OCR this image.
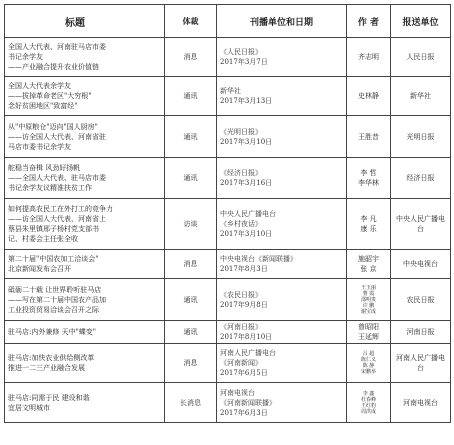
标题	体裁	刊播单位和日期	作 者	报送单位

全国人大代表、河南驻马店市委
书记余学友
——产业融合提升农业价值链	消息	《人民日报》
2017年3月7日	齐志明	人民日报

全国人大代表余学友
——拔掉革命老区"大穷根"
念好贫困地区"致富经"	通讯	新华社
2017年3月13日	史林静	新华社

从"中原粮仓"迈向"国人厨房"
——访全国人大代表、河南省驻
马店市委书记余学友	通讯	《光明日报》
2017年3月10日	王胜昔	光明日报

舵稳当奋楫 风劲好扬帆
——全国人大代表、驻马店市委
书记余学友议精准扶贫工作	通讯	《经济日报》
2017年3月16日	李 哲
李华林	经济日报

如何提高农民工在外打工的竞争力
——访全国人大代表、河南省上
蔡县朱里镇邢子杨村党支部书
记、村委会主任张全收	访谈	中央人民广播电台
《乡村夜话》
2017年3月10日	李 凡
康 乐	中央人民广播电台

第二十届"中国农加工洽谈会"
北京新闻发布会召开	消息	中央电视台《新闻联播》
2017年8月3日	施韶宇
张 京	中央电视台

砥砺二十载 让世界聆听驻马店
——写在第二十届中国农产品加
工业投资贸易洽谈会召开之际	通讯	《农民日报》
2017年9月8日	王玉丽
曹 霞
邵明贵
许 鹏
谢宝成	农民日报

驻马店:内外兼修 天中"蝶变"	通讯	《河南日报》
2017年8月10日	曾昭阳
王延辉	河南日报

驻马店:加快农业供给侧改革
推进一二三产业融合发展	消息	河南人民广播电台
《河南新闻》
2017年6月5日	吕 超
陈仁义
陈 静
宋鹏举	河南人民广播电台

驻马店:同需于民 建设和谐
宜居文明城市	长消息	河南电视台
《河南新闻联播》
2017年6月3日	李 鑫
杜春峰
王红豹
周洪成	河南电视台
